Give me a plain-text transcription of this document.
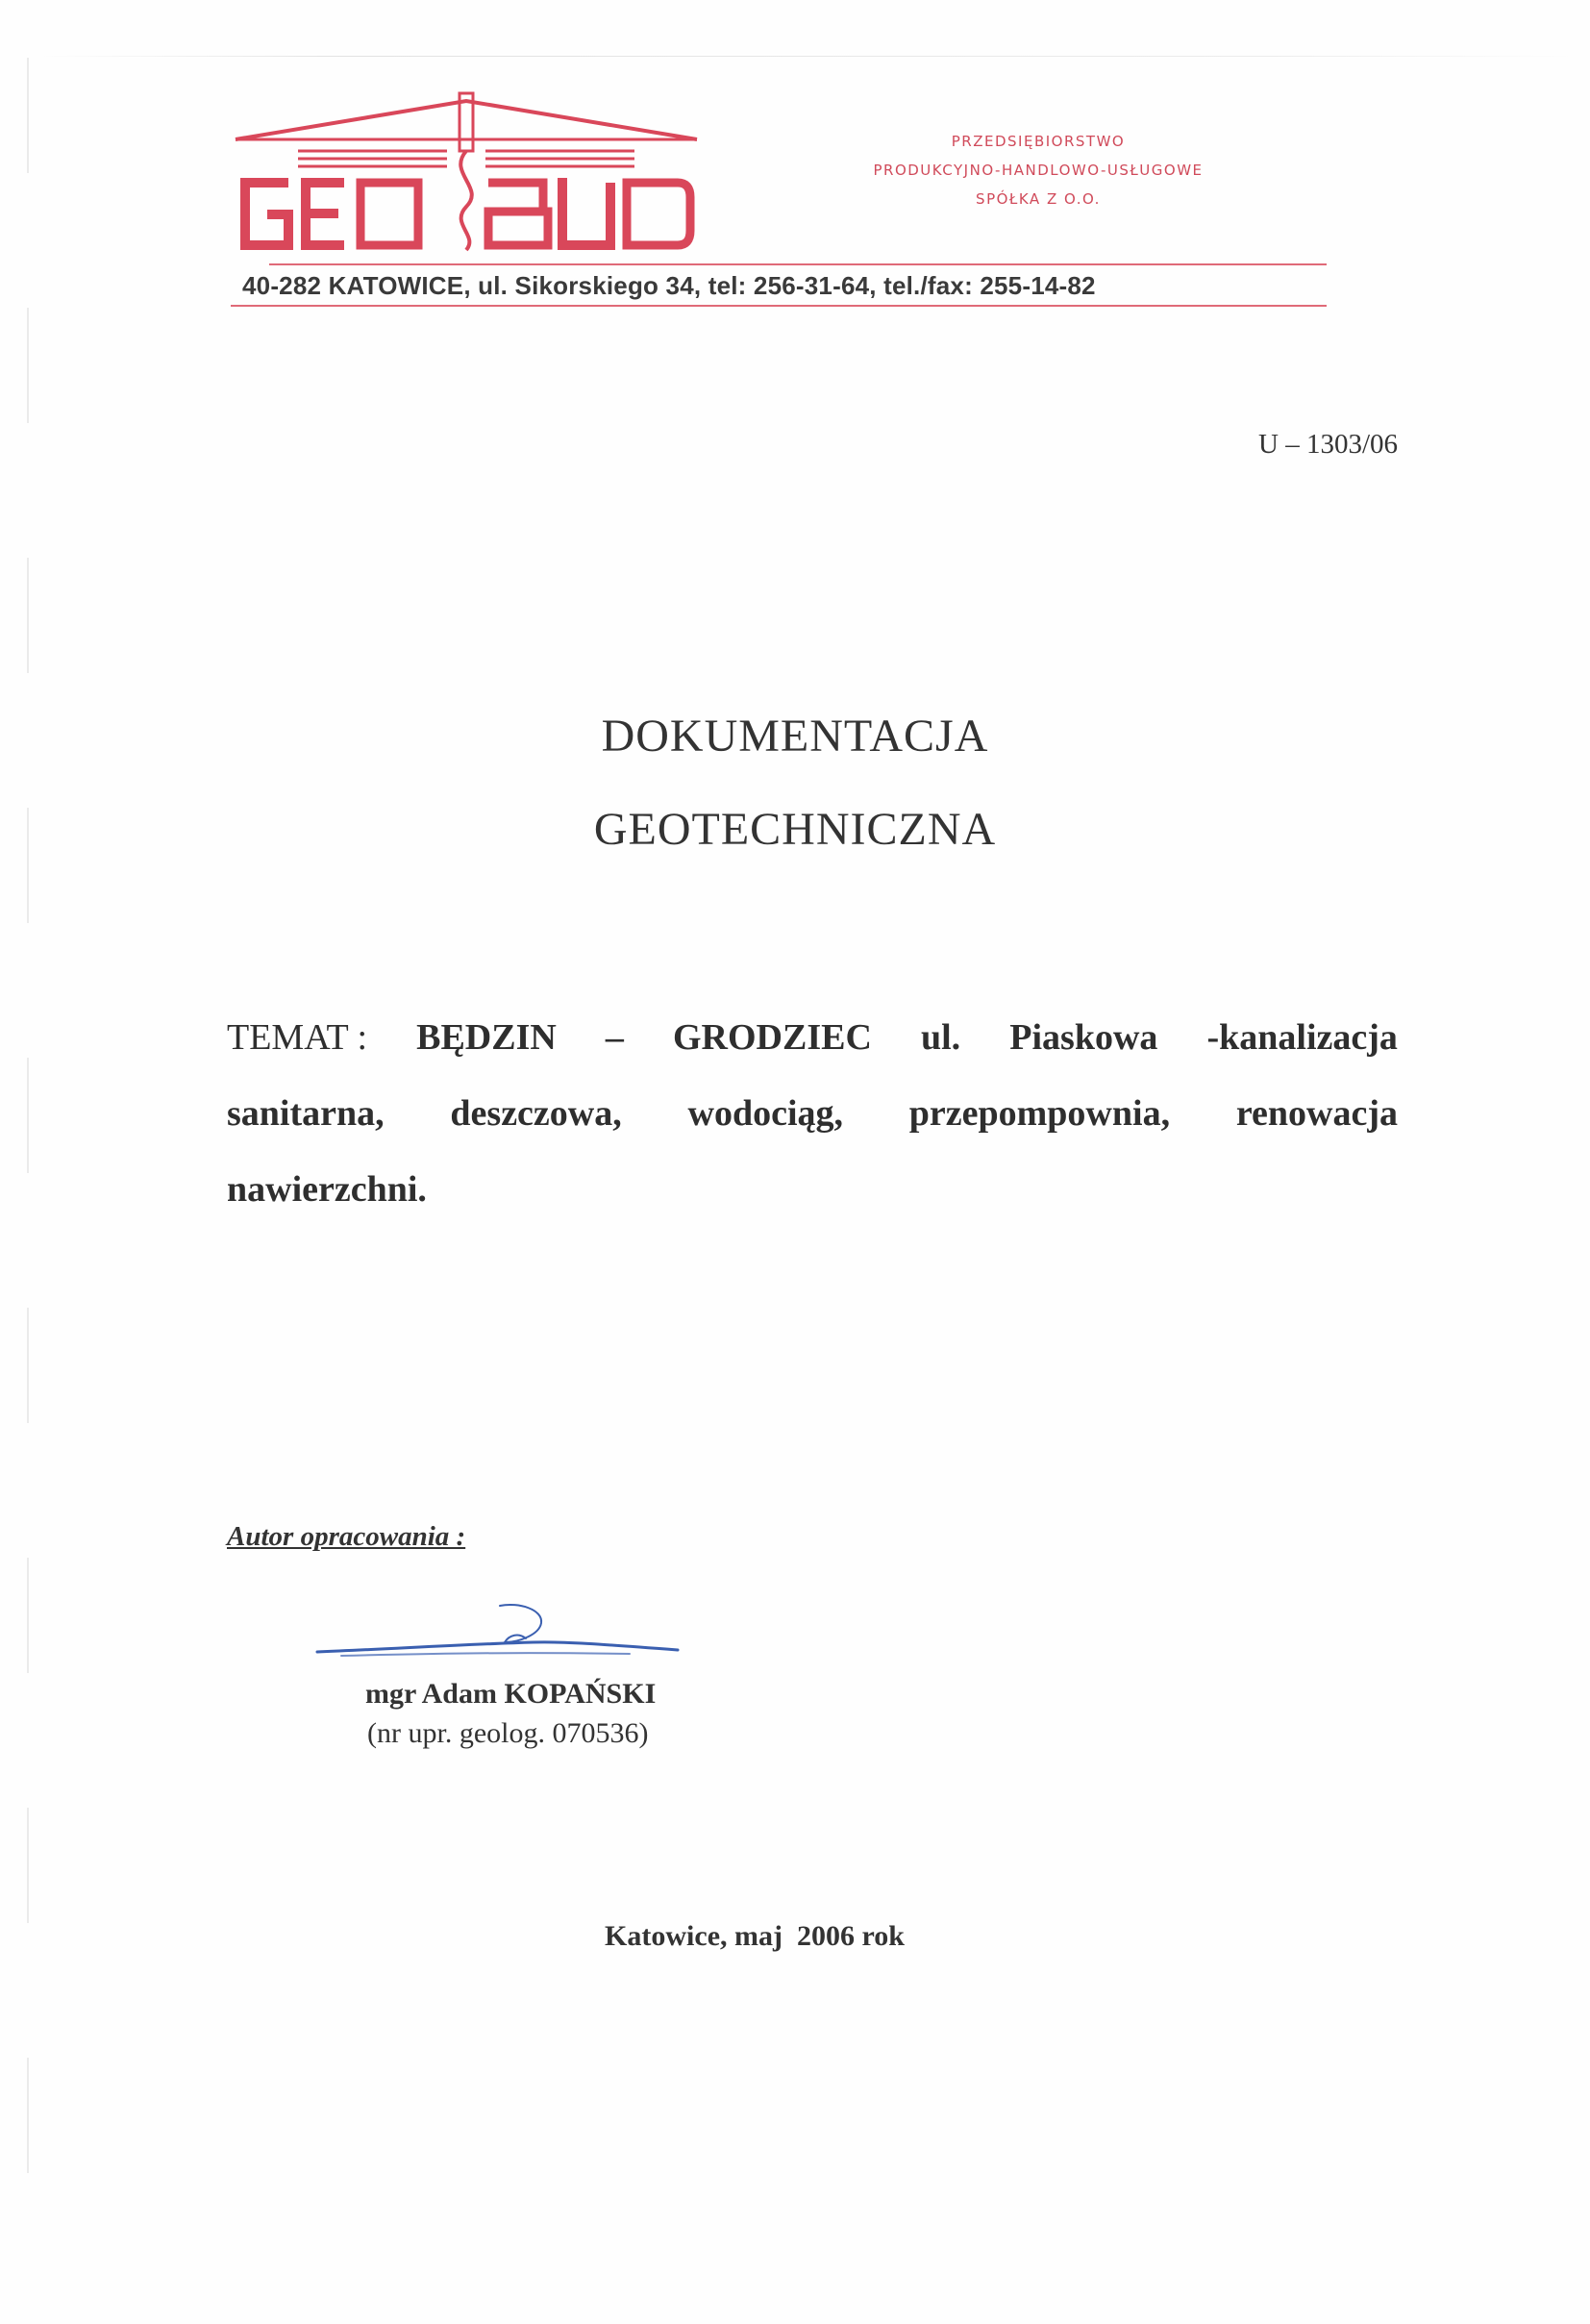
PRZEDSIĘBIORSTWO
PRODUKCYJNO-HANDLOWO-USŁUGOWE
SPÓŁKA Z O.O.
40-282 KATOWICE, ul. Sikorskiego 34, tel: 256-31-64, tel./fax: 255-14-82
U – 1303/06
DOKUMENTACJA
GEOTECHNICZNA
TEMAT : BĘDZIN – GRODZIEC ul. Piaskowa -kanalizacja
sanitarna, deszczowa, wodociąg, przepompownia, renowacja
nawierzchni.
Autor opracowania :
mgr Adam KOPAŃSKI
(nr upr. geolog. 070536)
Katowice, maj  2006 rok
